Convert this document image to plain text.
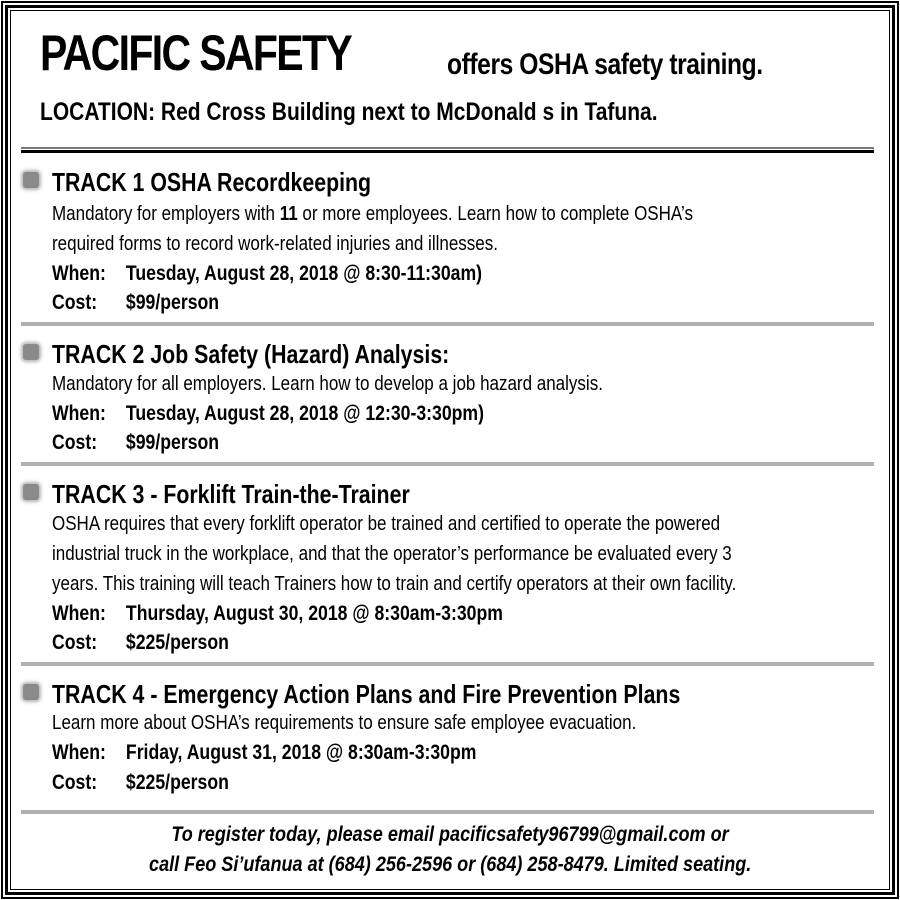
PACIFIC SAFETY	offers OSHA safety training.
LOCATION: Red Cross Building next to McDonald s in Tafuna.
TRACK 1 OSHA Recordkeeping
Mandatory for employers with 11 or more employees. Learn how to complete OSHA’s
required forms to record work-related injuries and illnesses.
When: Tuesday, August 28, 2018 @ 8:30-11:30am)
Cost: $99/person
TRACK 2 Job Safety (Hazard) Analysis:
Mandatory for all employers. Learn how to develop a job hazard analysis.
When: Tuesday, August 28, 2018 @ 12:30-3:30pm)
Cost: $99/person
TRACK 3 - Forklift Train-the-Trainer
OSHA requires that every forklift operator be trained and certified to operate the powered
industrial truck in the workplace, and that the operator’s performance be evaluated every 3
years. This training will teach Trainers how to train and certify operators at their own facility.
When: Thursday, August 30, 2018 @ 8:30am-3:30pm
Cost: $225/person
TRACK 4 - Emergency Action Plans and Fire Prevention Plans
Learn more about OSHA’s requirements to ensure safe employee evacuation.
When: Friday, August 31, 2018 @ 8:30am-3:30pm
Cost: $225/person
To register today, please email pacificsafety96799@gmail.com or
call Feo Si’ufanua at (684) 256-2596 or (684) 258-8479. Limited seating.
